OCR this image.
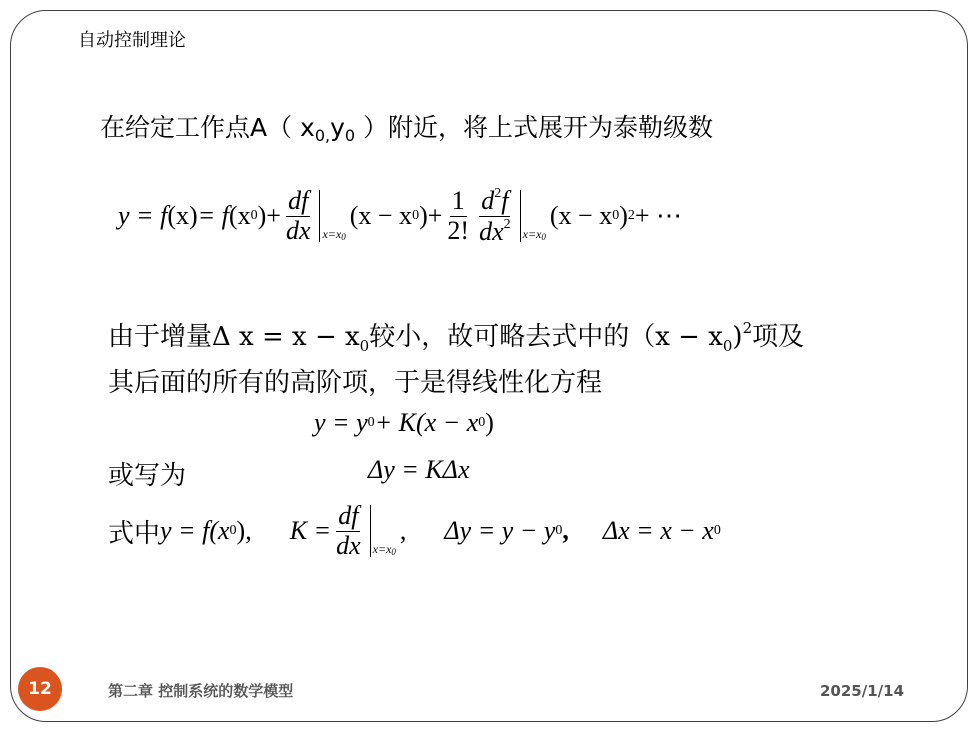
自动控制理论
在给定工作点A（ $x_{0,}y_0$ ）附近，将上式展开为泰勒级数
y = f (x) = f (x 0 ) + $\frac{df}{dx} x=x$ 0
(x − x 0 ) + $\frac{1}{2!} \frac{d^2f}{dx^2} x=x$ 0
(x − x 0 ) 2 + ⋯
由于增量Δ $x = x - x_0$较小，故可略去式中的$(x - x_0)^2$项及
其后面的所有的高阶项，于是得线性化方程
y = y 0 + K(x − x 0 )
或写为	Δy = KΔx
式中 y = f(x 0 ), $K = \frac{df}{dx} x=x$ 0
, Δy = y − y 0 , Δx = x − x 0
12	第二章 控制系统的数学模型	2025/1/14
